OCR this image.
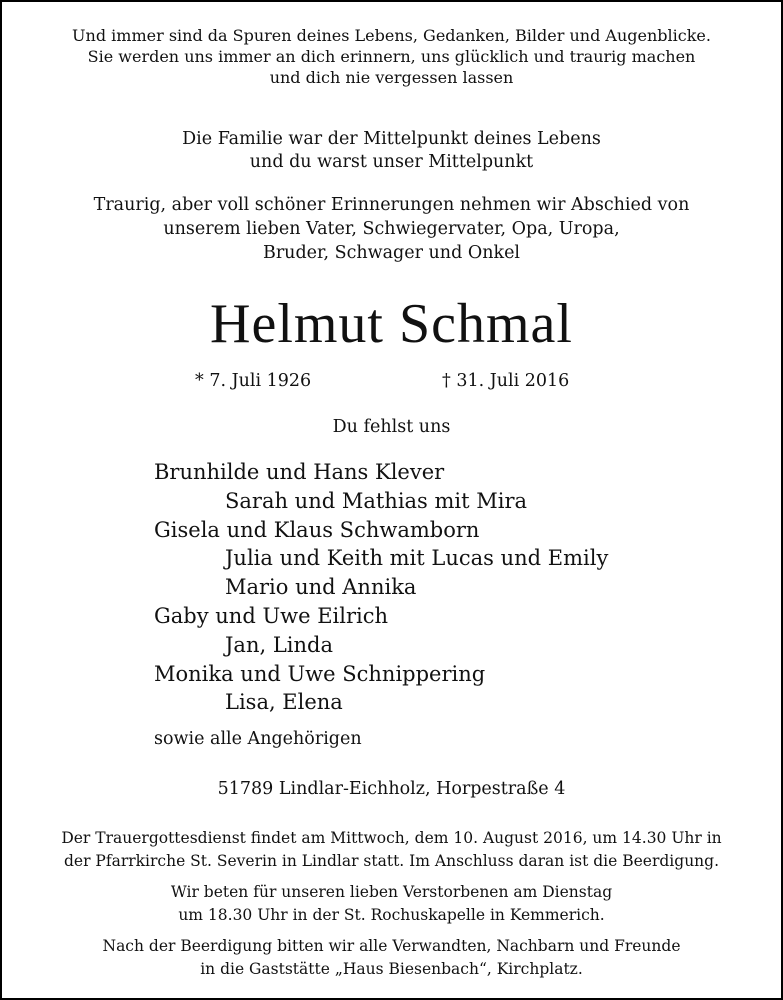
Und immer sind da Spuren deines Lebens, Gedanken, Bilder und Augenblicke.
Sie werden uns immer an dich erinnern, uns glücklich und traurig machen
und dich nie vergessen lassen
Die Familie war der Mittelpunkt deines Lebens
und du warst unser Mittelpunkt
Traurig, aber voll schöner Erinnerungen nehmen wir Abschied von
unserem lieben Vater, Schwiegervater, Opa, Uropa,
Bruder, Schwager und Onkel
Helmut Schmal
* 7. Juli 1926	† 31. Juli 2016
Du fehlst uns
Brunhilde und Hans Klever
Sarah und Mathias mit Mira
Gisela und Klaus Schwamborn
Julia und Keith mit Lucas und Emily
Mario und Annika
Gaby und Uwe Eilrich
Jan, Linda
Monika und Uwe Schnippering
Lisa, Elena
sowie alle Angehörigen
51789 Lindlar-Eichholz, Horpestraße 4
Der Trauergottesdienst findet am Mittwoch, dem 10. August 2016, um 14.30 Uhr in
der Pfarrkirche St. Severin in Lindlar statt. Im Anschluss daran ist die Beerdigung.
Wir beten für unseren lieben Verstorbenen am Dienstag
um 18.30 Uhr in der St. Rochuskapelle in Kemmerich.
Nach der Beerdigung bitten wir alle Verwandten, Nachbarn und Freunde
in die Gaststätte „Haus Biesenbach“, Kirchplatz.
